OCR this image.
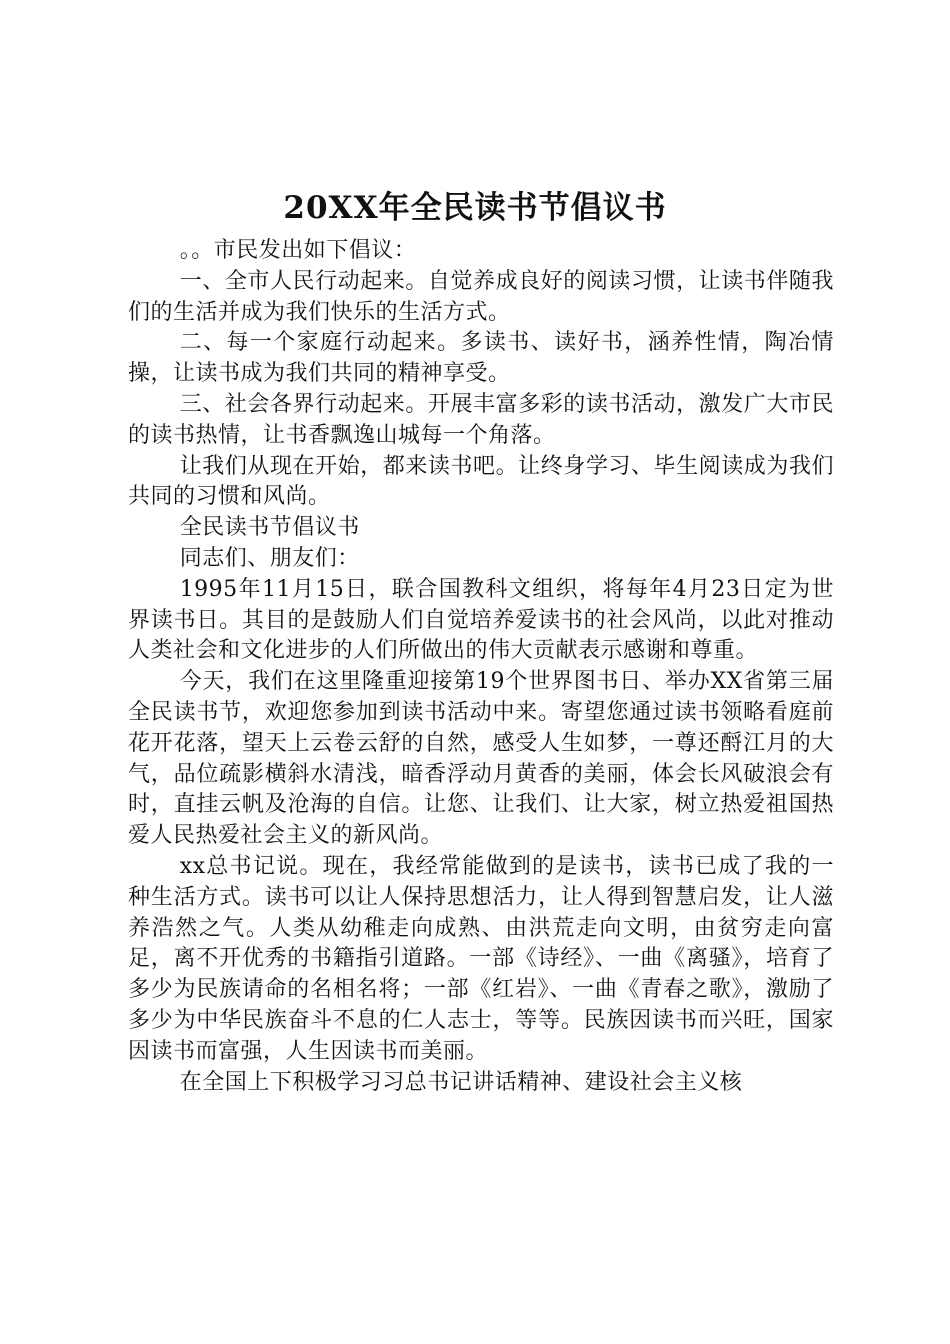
20XX年全民读书节倡议书

。。市民发出如下倡议：

一、全市人民行动起来。自觉养成良好的阅读习惯，让读书伴随我们的生活并成为我们快乐的生活方式。

二、每一个家庭行动起来。多读书、读好书，涵养性情，陶冶情操，让读书成为我们共同的精神享受。

三、社会各界行动起来。开展丰富多彩的读书活动，激发广大市民的读书热情，让书香飘逸山城每一个角落。

让我们从现在开始，都来读书吧。让终身学习、毕生阅读成为我们共同的习惯和风尚。

全民读书节倡议书

同志们、朋友们：

1995年11月15日，联合国教科文组织，将每年4月23日定为世界读书日。其目的是鼓励人们自觉培养爱读书的社会风尚，以此对推动人类社会和文化进步的人们所做出的伟大贡献表示感谢和尊重。

今天，我们在这里隆重迎接第19个世界图书日、举办XX省第三届全民读书节，欢迎您参加到读书活动中来。寄望您通过读书领略看庭前花开花落，望天上云卷云舒的自然，感受人生如梦，一尊还酹江月的大气，品位疏影横斜水清浅，暗香浮动月黄香的美丽，体会长风破浪会有时，直挂云帆及沧海的自信。让您、让我们、让大家，树立热爱祖国热爱人民热爱社会主义的新风尚。

xx总书记说。现在，我经常能做到的是读书，读书已成了我的一种生活方式。读书可以让人保持思想活力，让人得到智慧启发，让人滋养浩然之气。人类从幼稚走向成熟、由洪荒走向文明，由贫穷走向富足，离不开优秀的书籍指引道路。一部《诗经》、一曲《离骚》，培育了多少为民族请命的名相名将；一部《红岩》、一曲《青春之歌》，激励了多少为中华民族奋斗不息的仁人志士，等等。民族因读书而兴旺，国家因读书而富强，人生因读书而美丽。

在全国上下积极学习习总书记讲话精神、建设社会主义核
